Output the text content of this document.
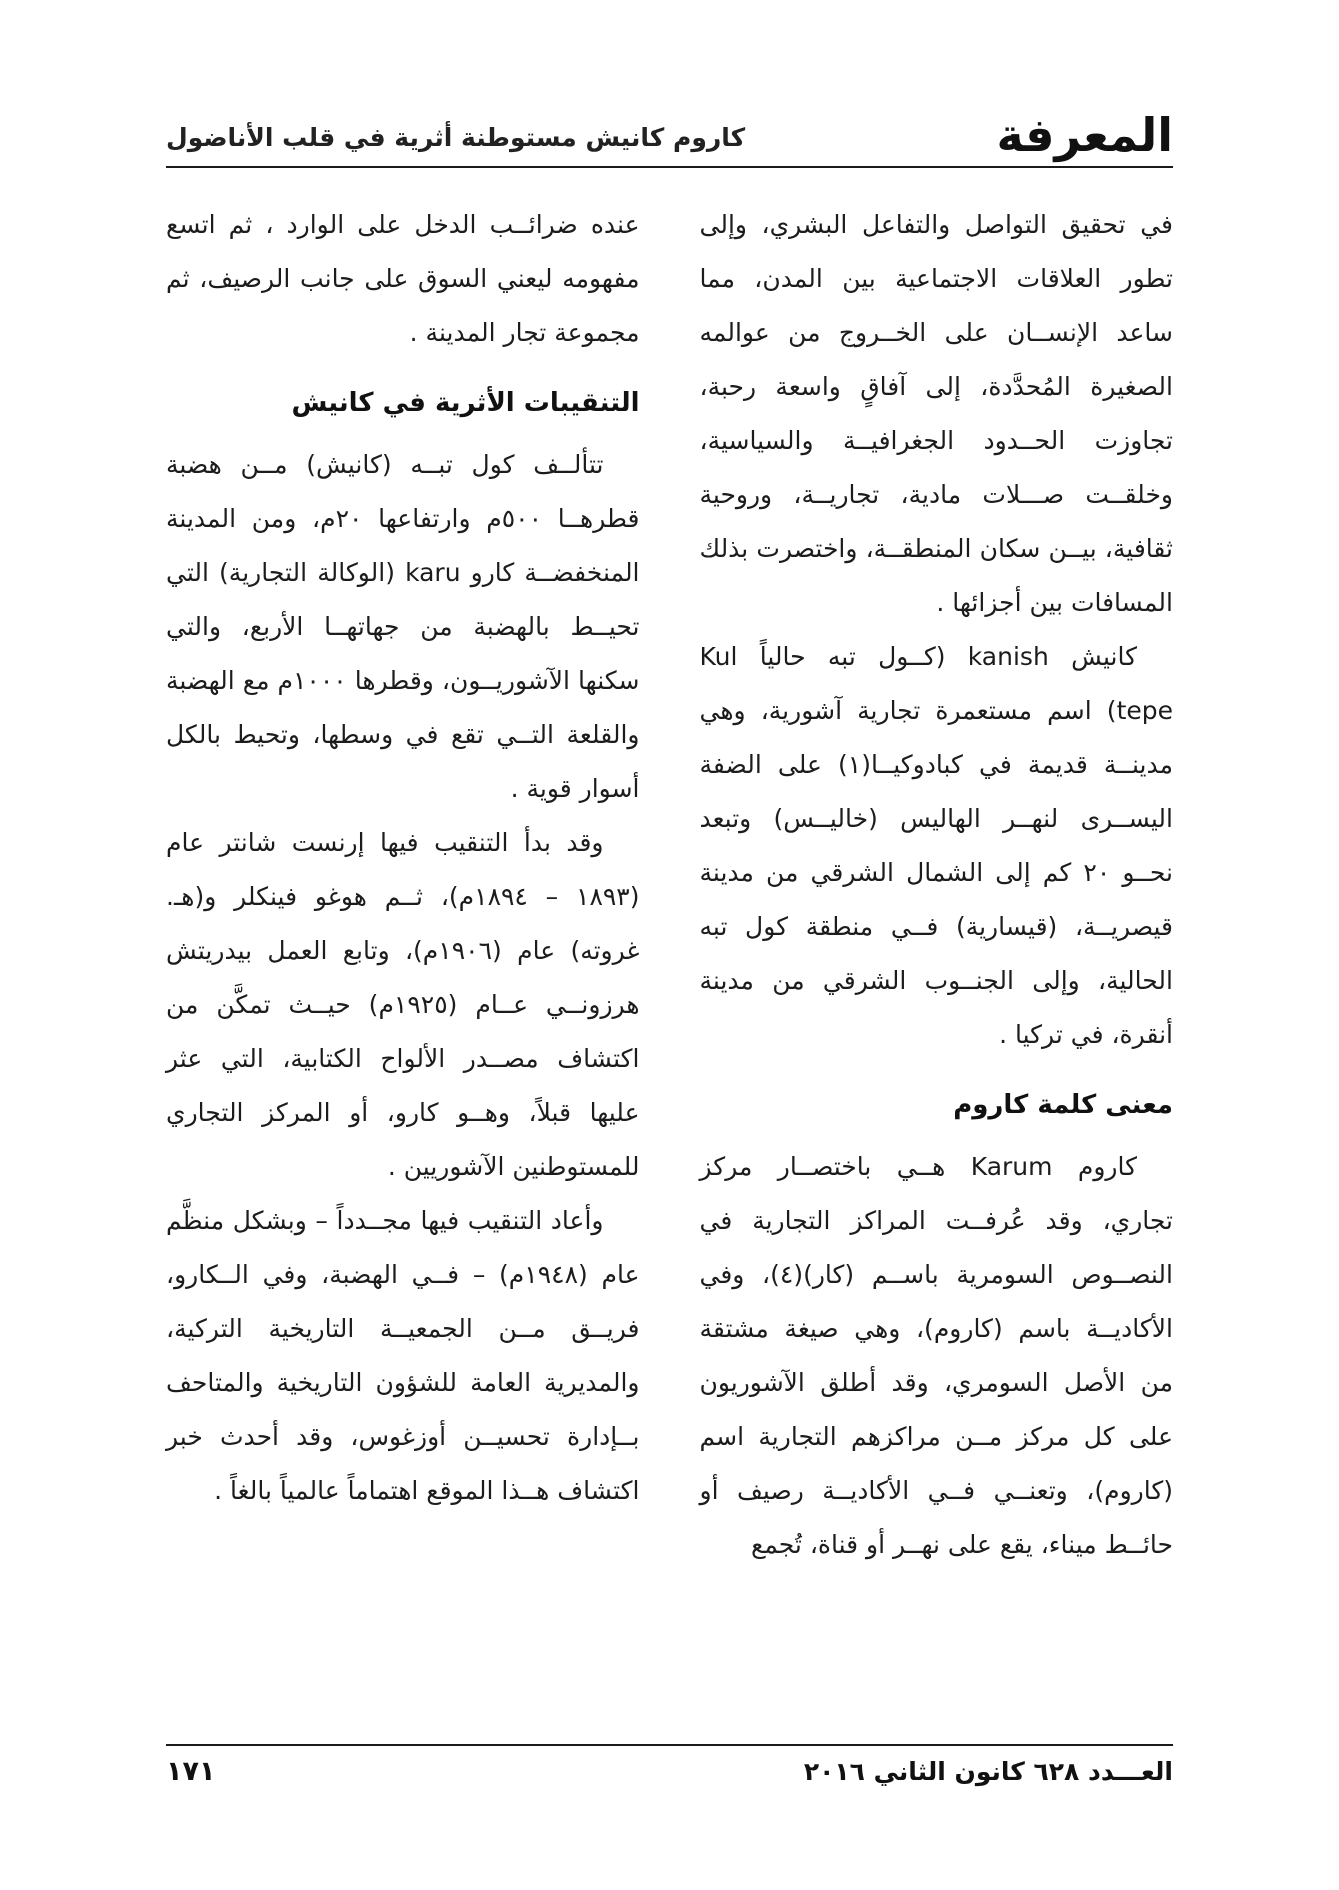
كاروم كانيش مستوطنة أثرية في قلب الأناضول	المعرفة

في تحقيق التواصل والتفاعل البشري، وإلى تطور العلاقات الاجتماعية بين المدن، مما ساعد الإنســان على الخــروج من عوالمه الصغيرة المُحدَّدة، إلى آفاقٍ واسعة رحبة، تجاوزت الحــدود الجغرافيــة والسياسية، وخلقــت صـــلات مادية، تجاريــة، وروحية ثقافية، بيــن سكان المنطقــة، واختصرت بذلك المسافات بين أجزائها .

كانيش kanish (كــول تبه حالياً Kul tepe) اسم مستعمرة تجارية آشورية، وهي مدينــة قديمة في كبادوكيــا(١) على الضفة اليســرى لنهــر الهاليس (خاليــس) وتبعد نحــو ٢٠ كم إلى الشمال الشرقي من مدينة قيصريــة، (قيسارية) فــي منطقة كول تبه الحالية، وإلى الجنــوب الشرقي من مدينة أنقرة، في تركيا .

معنى كلمة كاروم

كاروم Karum هــي باختصــار مركز تجاري، وقد عُرفــت المراكز التجارية في النصــوص السومرية باســم (كار)(٤)، وفي الأكاديــة باسم (كاروم)، وهي صيغة مشتقة من الأصل السومري، وقد أطلق الآشوريون على كل مركز مــن مراكزهم التجارية اسم (كاروم)، وتعنــي فــي الأكاديــة رصيف أو حائــط ميناء، يقع على نهــر أو قناة، تُجمع

عنده ضرائــب الدخل على الوارد ، ثم اتسع مفهومه ليعني السوق على جانب الرصيف، ثم مجموعة تجار المدينة .

التنقيبات الأثرية في كانيش

تتألــف كول تبــه (كانيش) مــن هضبة قطرهــا ٥٠٠م وارتفاعها ٢٠م، ومن المدينة المنخفضــة كارو karu (الوكالة التجارية) التي تحيــط بالهضبة من جهاتهــا الأربع، والتي سكنها الآشوريــون، وقطرها ١٠٠٠م مع الهضبة والقلعة التــي تقع في وسطها، وتحيط بالكل أسوار قوية .

وقد بدأ التنقيب فيها إرنست شانتر عام (١٨٩٣ – ١٨٩٤م)، ثــم هوغو فينكلر و(هـ. غروته) عام (١٩٠٦م)، وتابع العمل بيدريتش هرزونــي عــام (١٩٢٥م) حيــث تمكَّن من اكتشاف مصــدر الألواح الكتابية، التي عثر عليها قبلاً، وهــو كارو، أو المركز التجاري للمستوطنين الآشوريين .

وأعاد التنقيب فيها مجــدداً – وبشكل منظَّم عام (١٩٤٨م) – فــي الهضبة، وفي الــكارو، فريــق مــن الجمعيــة التاريخية التركية، والمديرية العامة للشؤون التاريخية والمتاحف بــإدارة تحسيــن أوزغوس، وقد أحدث خبر اكتشاف هــذا الموقع اهتماماً عالمياً بالغاً .

١٧١	العـــدد ٦٢٨ كانون الثاني ٢٠١٦
